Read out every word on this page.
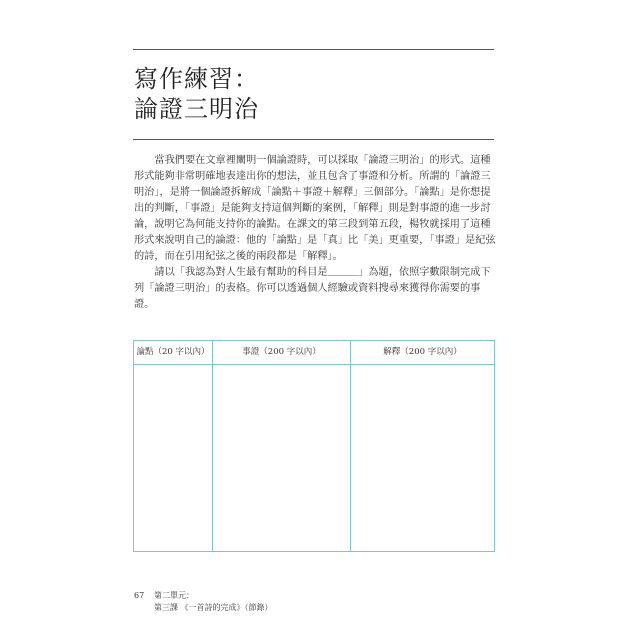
寫作練習：
論證三明治

當我們要在文章裡闡明一個論證時，可以採取「論證三明治」的形式。這種形式能夠非常明確地表達出你的想法，並且包含了事證和分析。所謂的「論證三明治」，是將一個論證拆解成「論點＋事證＋解釋」三個部分。「論點」是你想提出的判斷，「事證」是能夠支持這個判斷的案例，「解釋」則是對事證的進一步討論，說明它為何能支持你的論點。在課文的第三段到第五段，楊牧就採用了這種形式來說明自己的論證：他的「論點」是「真」比「美」更重要，「事證」是紀弦的詩，而在引用紀弦之後的兩段都是「解釋」。

請以「我認為對人生最有幫助的科目是＿＿＿」為題，依照字數限制完成下列「論證三明治」的表格。你可以透過個人經驗或資料搜尋來獲得你需要的事證。

論點（20 字以內）	事證（200 字以內）	解釋（200 字以內）
67 第二單元：
第三課 《一首詩的完成》（節錄）
